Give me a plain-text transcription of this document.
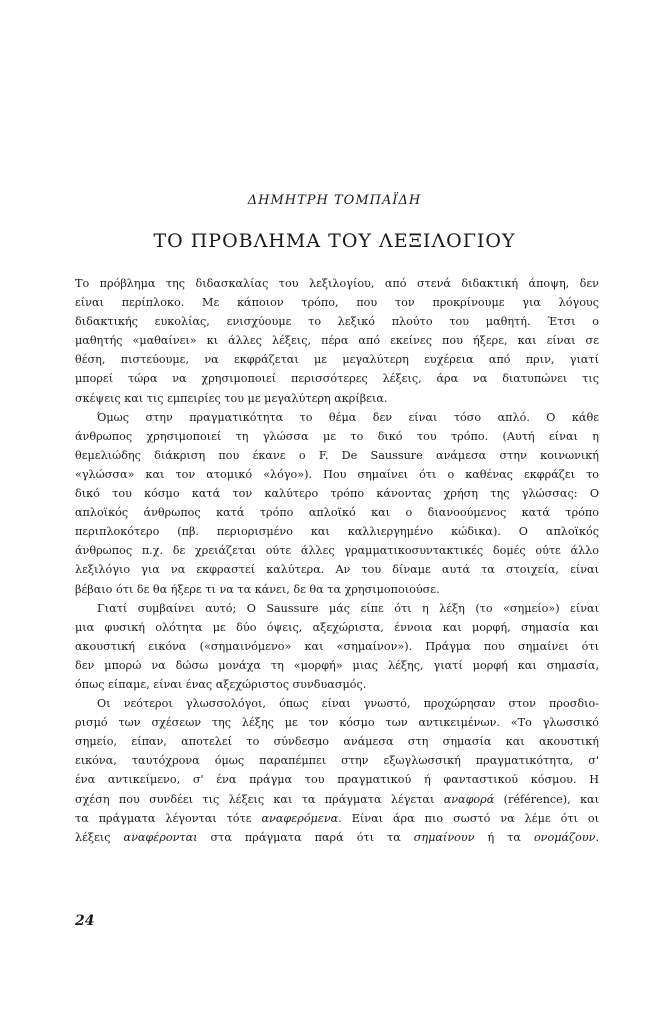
ΔΗΜΗΤΡΗ ΤΟΜΠΑΪΔΗ
ΤΟ ΠΡΟΒΛΗΜΑ ΤΟΥ ΛΕΞΙΛΟΓΙΟΥ

Το πρόβλημα της διδασκαλίας του λεξιλογίου, από στενά διδακτική άποψη, δεν

είναι περίπλοκο. Με κάποιον τρόπο, που τον προκρίνουμε για λόγους

διδακτικής ευκολίας, ενισχύουμε το λεξικό πλούτο του μαθητή. Έτσι ο

μαθητής «μαθαίνει» κι άλλες λέξεις, πέρα από εκείνες που ήξερε, και είναι σε

θέση, πιστεύουμε, να εκφράζεται με μεγαλύτερη ευχέρεια από πριν, γιατί

μπορεί τώρα να χρησιμοποιεί περισσότερες λέξεις, άρα να διατυπώνει τις

σκέψεις και τις εμπειρίες του με μεγαλύτερη ακρίβεια.

Όμως στην πραγματικότητα το θέμα δεν είναι τόσο απλό. Ο κάθε

άνθρωπος χρησιμοποιεί τη γλώσσα με το δικό του τρόπο. (Αυτή είναι η

θεμελιώδης διάκριση που έκανε ο F. De Saussure ανάμεσα στην κοινωνική

«γλώσσα» και τον ατομικό «λόγο»). Που σημαίνει ότι ο καθένας εκφράζει το

δικό του κόσμο κατά τον καλύτερο τρόπο κάνοντας χρήση της γλώσσας: Ο

απλοϊκός άνθρωπος κατά τρόπο απλοϊκό και ο διανοούμενος κατά τρόπο

περιπλοκότερο (πβ. περιορισμένο και καλλιεργημένο κώδικα). Ο απλοϊκός

άνθρωπος π.χ. δε χρειάζεται ούτε άλλες γραμματικοσυντακτικές δομές ούτε άλλο

λεξιλόγιο για να εκφραστεί καλύτερα. Αν του δίναμε αυτά τα στοιχεία, είναι

βέβαιο ότι δε θα ήξερε τι να τα κάνει, δε θα τα χρησιμοποιούσε.

Γιατί συμβαίνει αυτό; Ο Saussure μάς είπε ότι η λέξη (το «σημείο») είναι

μια φυσική ολότητα με δύο όψεις, αξεχώριστα, έννοια και μορφή, σημασία και

ακουστική εικόνα («σημαινόμενο» και «σημαίνον»). Πράγμα που σημαίνει ότι

δεν μπορώ να δώσω μονάχα τη «μορφή» μιας λέξης, γιατί μορφή και σημασία,

όπως είπαμε, είναι ένας αξεχώριστος συνδυασμός.

Οι νεότεροι γλωσσολόγοι, όπως είναι γνωστό, προχώρησαν στον προσδιο-

ρισμό των σχέσεων της λέξης με τον κόσμο των αντικειμένων. «Το γλωσσικό

σημείο, είπαν, αποτελεί το σύνδεσμο ανάμεσα στη σημασία και ακουστική

εικόνα, ταυτόχρονα όμως παραπέμπει στην εξωγλωσσική πραγματικότητα, σ'

ένα αντικείμενο, σ' ένα πράγμα του πραγματικού ή φανταστικού κόσμου. Η

σχέση που συνδέει τις λέξεις και τα πράγματα λέγεται αναφορά (référence), και

τα πράγματα λέγονται τότε αναφερόμενα. Είναι άρα πιο σωστό να λέμε ότι οι

λέξεις αναφέρονται στα πράγματα παρά ότι τα σημαίνουν ή τα ονομάζουν.

24
